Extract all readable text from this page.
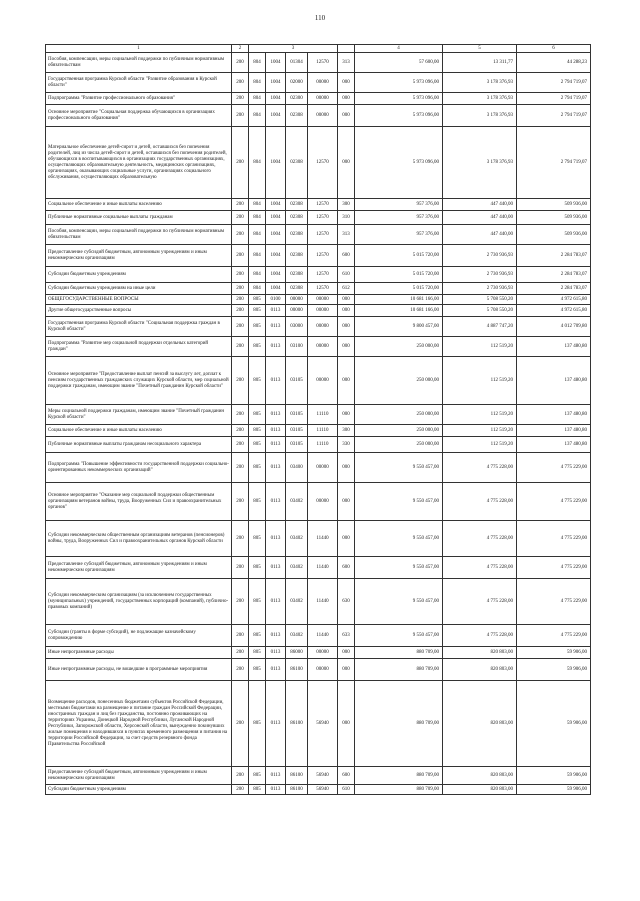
110
1	2	3					4	5	6
Пособия, компенсации, меры социальной поддержки по публичным нормативным обязательствам	200	804	1004	01304	12570	313	57 600,00	13 311,77	44 288,23
Государственная программа Курской области "Развитие образования в Курской области"	200	804	1004	02000	00000	000	5 973 096,00	3 178 376,93	2 794 719,07
Подпрограмма "Развитие профессионального образования"	200	804	1004	02300	00000	000	5 973 096,00	3 178 376,93	2 794 719,07
Основное мероприятие "Социальная поддержка обучающихся в организациях профессионального образования"	200	804	1004	02308	00000	000	5 973 096,00	3 178 376,93	2 794 719,07
Материальное обеспечение детей-сирот и детей, оставшихся без попечения родителей, лиц из числа детей-сирот и детей, оставшихся без попечения родителей, обучающихся в воспитывающихся в организациях государственных организациях, осуществляющих образовательную деятельность, медицинских организациях, организациях, оказывающих социальные услуги, организациях социального обслуживания, осуществляющих образовательную	200	804	1004	02308	12570	000	5 973 096,00	3 178 376,93	2 794 719,07
Социальное обеспечение и иные выплаты населению	200	804	1004	02308	12570	300	957 376,00	447 440,00	509 936,00
Публичные нормативные социальные выплаты гражданам	200	804	1004	02308	12570	310	957 376,00	447 440,00	509 936,00
Пособия, компенсации, меры социальной поддержки по публичным нормативным обязательствам	200	804	1004	02308	12570	313	957 376,00	447 440,00	509 936,00
Предоставление субсидий бюджетным, автономным учреждениям и иным некоммерческим организациям	200	804	1004	02308	12570	600	5 015 720,00	2 730 936,93	2 284 783,07
Субсидии бюджетным учреждениям	200	804	1004	02308	12570	610	5 015 720,00	2 730 936,93	2 284 783,07
Субсидии бюджетным учреждениям на иные цели	200	804	1004	02308	12570	612	5 015 720,00	2 730 936,93	2 284 783,07
ОБЩЕГОСУДАРСТВЕННЫЕ ВОПРОСЫ	200	805	0100	00000	00000	000	10 681 166,00	5 708 550,20	4 972 615,80
Другие общегосударственные вопросы	200	805	0113	00000	00000	000	10 681 166,00	5 708 550,20	4 972 615,80
Государственная программа Курской области "Социальная поддержка граждан в Курской области"	200	805	0113	03000	00000	000	9 800 457,00	4 887 747,20	4 012 709,80
Подпрограмма "Развитие мер социальной поддержки отдельных категорий граждан"	200	805	0113	03100	00000	000	250 000,00	112 519,20	137 480,80
Основное мероприятие "Предоставление выплат пенсий за выслугу лет, доплат к пенсиям государственных гражданских служащих Курской области, мер социальной поддержки гражданам, имеющим звание "Почетный гражданин Курской области"	200	805	0113	03105	00000	000	250 000,00	112 519,20	137 480,80
Меры социальной поддержки гражданам, имеющим звание "Почетный гражданин Курской области"	200	805	0113	03105	11110	000	250 000,00	112 519,20	137 480,80
Социальное обеспечение и иные выплаты населению	200	805	0113	03105	11110	300	250 000,00	112 519,20	137 480,80
Публичные нормативные выплаты гражданам несоциального характера	200	805	0113	03105	11110	330	250 000,00	112 519,20	137 480,80
Подпрограмма "Повышение эффективности государственной поддержки социально-ориентированных некоммерческих организаций"	200	805	0113	03400	00000	000	9 550 457,00	4 775 228,00	4 775 229,00
Основное мероприятие "Оказание мер социальной поддержки общественным организациям ветеранов войны, труда, Вооруженных Сил и правоохранительных органов"	200	805	0113	03402	00000	000	9 550 457,00	4 775 228,00	4 775 229,00
Субсидии некоммерческим общественным организациям ветеранов (пенсионеров) войны, труда, Вооруженных Сил и правоохранительных органов Курской области	200	805	0113	03402	11440	000	9 550 457,00	4 775 228,00	4 775 229,00
Предоставление субсидий бюджетным, автономным учреждениям и иным некоммерческим организациям	200	805	0113	03402	11440	600	9 550 457,00	4 775 228,00	4 775 229,00
Субсидии некоммерческим организациям (за исключением государственных (муниципальных) учреждений, государственных корпораций (компаний), публично-правовых компаний)	200	805	0113	03402	11440	630	9 550 457,00	4 775 228,00	4 775 229,00
Субсидии (гранты в форме субсидий), не подлежащие казначейскому сопровождению	200	805	0113	03402	11440	633	9 550 457,00	4 775 228,00	4 775 229,00
Иные непрограммные расходы	200	805	0113	86000	00000	000	880 709,00	820 803,00	59 906,00
Иные непрограммные расходы, не вошедшие в программные мероприятия	200	805	0113	86100	00000	000	880 709,00	820 803,00	59 906,00
Возмещение расходов, понесенных бюджетами субъектов Российской Федерации, местными бюджетами на размещение и питание граждан Российской Федерации, иностранных граждан и лиц без гражданства, постоянно проживающих на территориях Украины, Донецкой Народной Республики, Луганской Народной Республики, Запорожской области, Херсонской области, вынужденно покинувших жилые помещения и находившихся в пунктах временного размещения и питания на территории Российской Федерации, за счет средств резервного фонда Правительства Российской	200	805	0113	86100	56940	000	880 709,00	820 803,00	59 906,00
Предоставление субсидий бюджетным, автономным учреждениям и иным некоммерческим организациям	200	805	0113	86100	56940	600	880 709,00	820 803,00	59 906,00
Субсидии бюджетным учреждениям	200	805	0113	86100	56940	610	880 709,00	820 803,00	59 906,00
